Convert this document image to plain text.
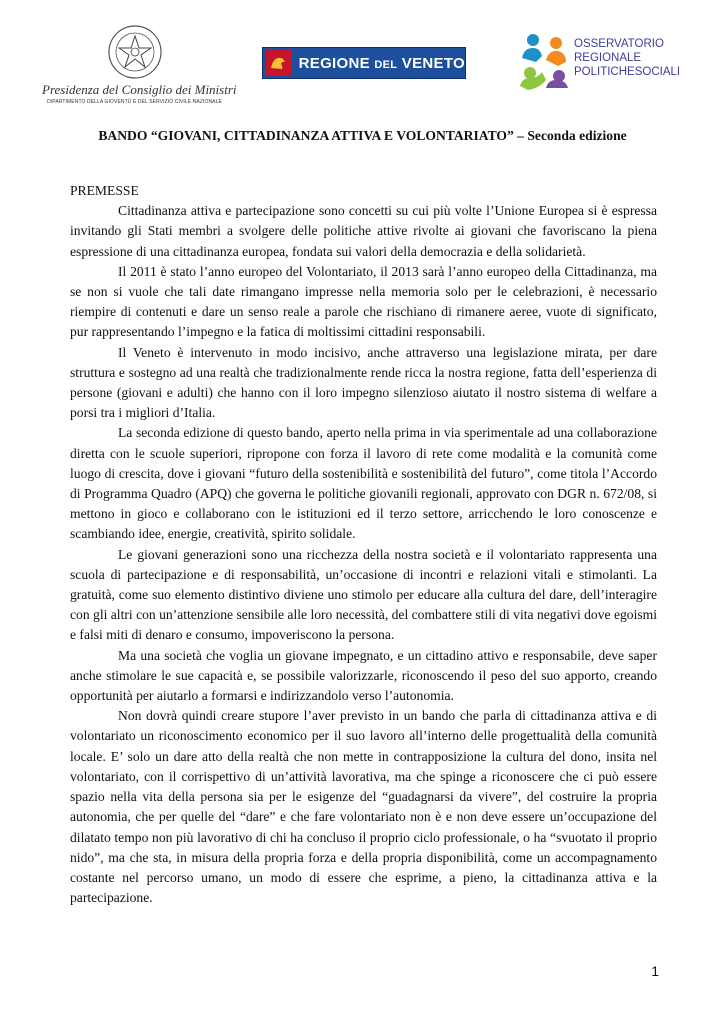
Presidenza del Consiglio dei Ministri
DIPARTIMENTO DELLA GIOVENTÙ E DEL SERVIZIO CIVILE NAZIONALE
REGIONE DEL VENETO
OSSERVATORIO
REGIONALE
POLITICHESOCIALI
BANDO “GIOVANI, CITTADINANZA ATTIVA E VOLONTARIATO” – Seconda edizione

PREMESSE

Cittadinanza attiva e partecipazione sono concetti su cui più volte l’Unione Europea si è espressa invitando gli Stati membri a svolgere delle politiche attive rivolte ai giovani che favoriscano la piena espressione di una cittadinanza europea, fondata sui valori della democrazia e della solidarietà.

Il 2011 è stato l’anno europeo del Volontariato, il 2013 sarà l’anno europeo della Cittadinanza, ma se non si vuole che tali date rimangano impresse nella memoria solo per le celebrazioni, è necessario riempire di contenuti e dare un senso reale a parole che rischiano di rimanere aeree, vuote di significato, pur rappresentando l’impegno e la fatica di moltissimi cittadini responsabili.

Il Veneto è intervenuto in modo incisivo, anche attraverso una legislazione mirata, per dare struttura e sostegno ad una realtà che tradizionalmente rende ricca la nostra regione, fatta dell’esperienza di persone (giovani e adulti) che hanno con il loro impegno silenzioso aiutato il nostro sistema di welfare a porsi tra i migliori d’Italia.

La seconda edizione di questo bando, aperto nella prima in via sperimentale ad una collaborazione diretta con le scuole superiori, ripropone con forza il lavoro di rete come modalità e la comunità come luogo di crescita, dove i giovani “futuro della sostenibilità e sostenibilità del futuro”, come titola l’Accordo di Programma Quadro (APQ) che governa le politiche giovanili regionali, approvato con DGR n. 672/08, si mettono in gioco e collaborano con le istituzioni ed il terzo settore, arricchendo le loro conoscenze e scambiando idee, energie, creatività, spirito solidale.

Le giovani generazioni sono una ricchezza della nostra società e il volontariato rappresenta una scuola di partecipazione e di responsabilità, un’occasione di incontri e relazioni vitali e stimolanti. La gratuità, come suo elemento distintivo diviene uno stimolo per educare alla cultura del dare, dell’interagire con gli altri con un’attenzione sensibile alle loro necessità, del combattere stili di vita negativi dove egoismi e falsi miti di denaro e consumo, impoveriscono la persona.

Ma una società che voglia un giovane impegnato, e un cittadino attivo e responsabile, deve saper anche stimolare le sue capacità e, se possibile valorizzarle, riconoscendo il peso del suo apporto, creando opportunità per aiutarlo a formarsi e indirizzandolo verso l’autonomia.

Non dovrà quindi creare stupore l’aver previsto in un bando che parla di cittadinanza attiva e di volontariato un riconoscimento economico per il suo lavoro all’interno delle progettualità della comunità locale. E’ solo un dare atto della realtà che non mette in contrapposizione la cultura del dono, insita nel volontariato, con il corrispettivo di un’attività lavorativa, ma che spinge a riconoscere che ci può essere spazio nella vita della persona sia per le esigenze del “guadagnarsi da vivere”, del costruire la propria autonomia, che per quelle del “dare” e che fare volontariato non è e non deve essere un’occupazione del dilatato tempo non più lavorativo di chi ha concluso il proprio ciclo professionale, o ha “svuotato il proprio nido”, ma che sta, in misura della propria forza e della propria disponibilità, come un accompagnamento costante nel percorso umano, un modo di essere che esprime, a pieno, la cittadinanza attiva e la partecipazione.

1
